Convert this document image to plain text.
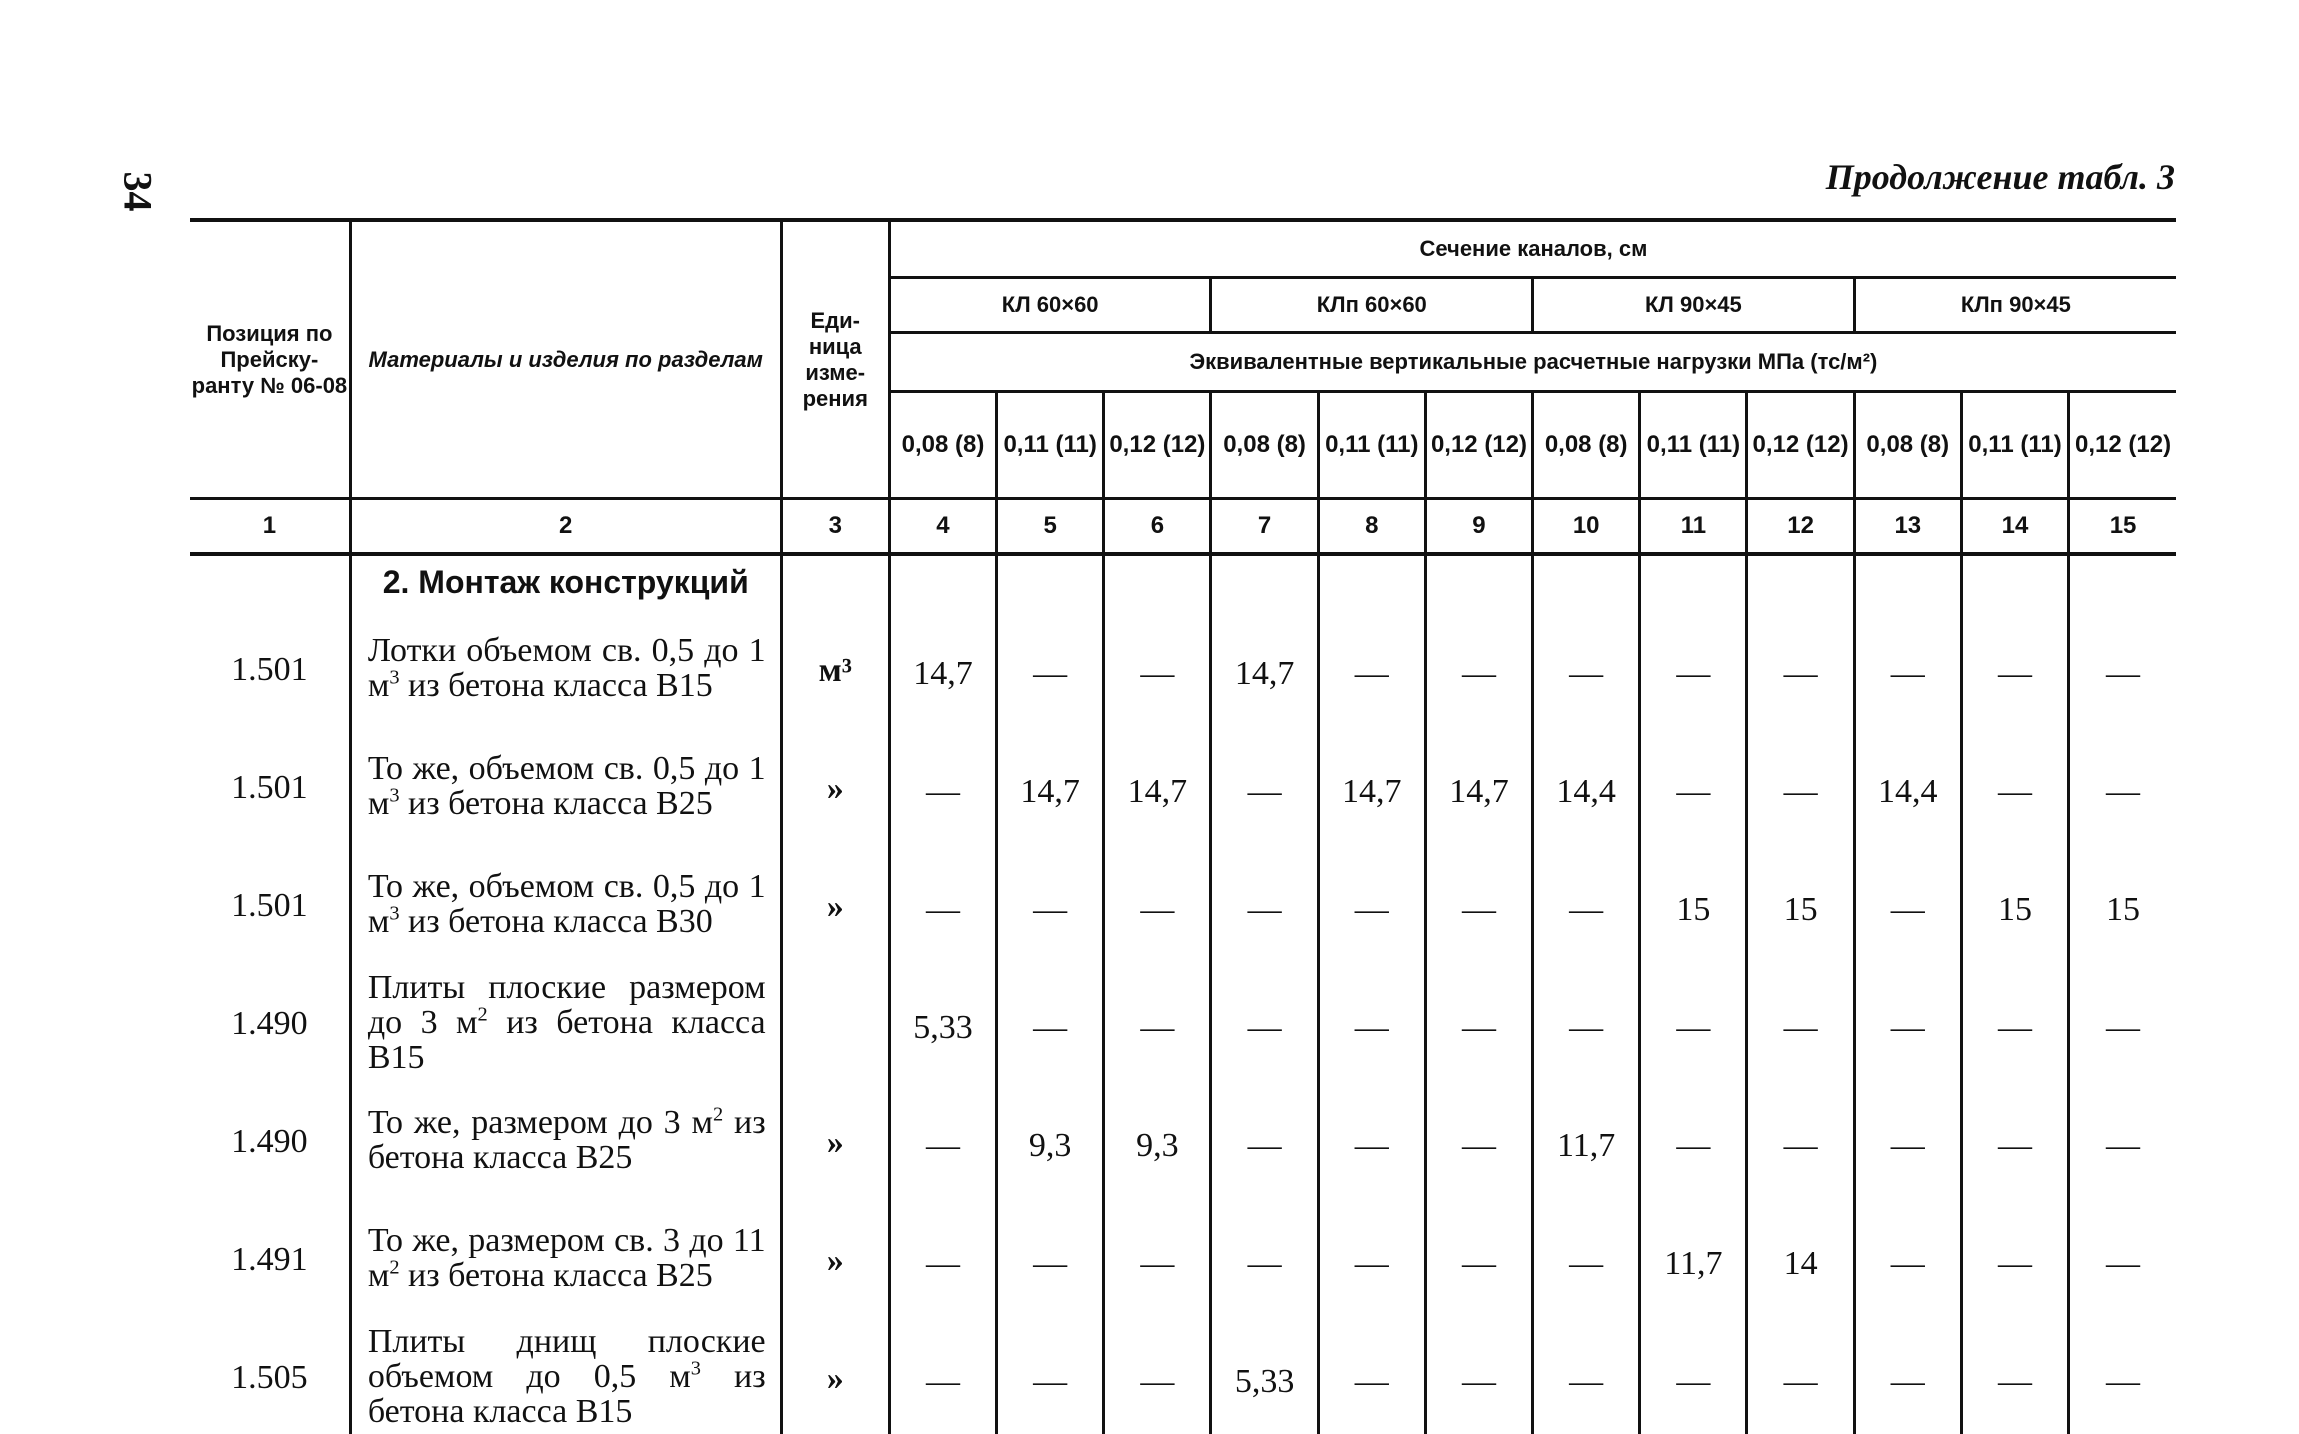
34	Продолжение табл. 3
Позиция по Прейску- ранту № 06-08	Материалы и изделия по разделам	Еди- ница изме- рения	Сечение каналов, см											
			КЛ 60×60			КЛп 60×60			КЛ 90×45			КЛп 90×45		
			Эквивалентные вертикальные расчетные нагрузки МПа (тс/м²)											
			0,08 (8)	0,11 (11)	0,12 (12)	0,08 (8)	0,11 (11)	0,12 (12)	0,08 (8)	0,11 (11)	0,12 (12)	0,08 (8)	0,11 (11)	0,12 (12)
1	2	3	4	5	6	7	8	9	10	11	12	13	14	15
	2. Монтаж конструкций													
1.501	Лотки объемом св. 0,5 до 1 $м^3$ из бетона класса В15	м³	14,7	—	—	14,7	—	—	—	—	—	—	—	—
1.501	То же, объемом св. 0,5 до 1 $м^3$ из бетона класса В25	»	—	14,7	14,7	—	14,7	14,7	14,4	—	—	14,4	—	—
1.501	То же, объемом св. 0,5 до 1 $м^3$ из бетона класса В30	»	—	—	—	—	—	—	—	15	15	—	15	15
1.490	Плиты плоские размером до 3 $м^2$ из бетона класса В15		5,33	—	—	—	—	—	—	—	—	—	—	—
1.490	То же, размером до 3 $м^2$ из бетона класса В25	»	—	9,3	9,3	—	—	—	11,7	—	—	—	—	—
1.491	То же, размером св. 3 до 11 $м^2$ из бетона класса В25	»	—	—	—	—	—	—	—	11,7	14	—	—	—
1.505	Плиты днищ плоские объемом до 0,5 $м^3$ из бетона класса В15	»	—	—	—	5,33	—	—	—	—	—	—	—	—
